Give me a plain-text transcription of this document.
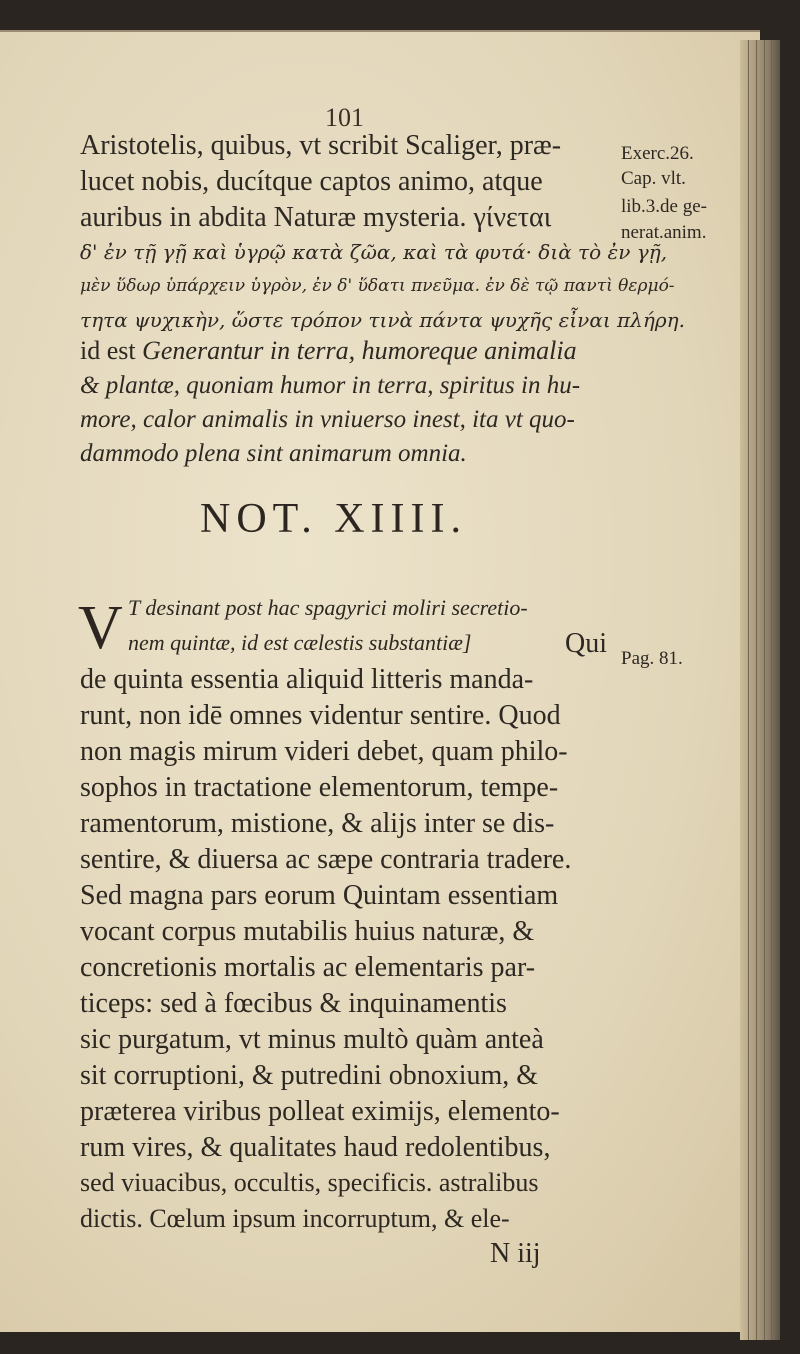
101
Aristotelis, quibus, vt scribit Scaliger, præ-
lucet nobis, ducítque captos animo, atque
auribus in abdita Naturæ mysteria. γίνεται
δ' ἐν τῇ γῇ καὶ ὑγρῷ κατὰ ζῶα, καὶ τὰ φυτά· διὰ τὸ ἐν γῇ,
μὲν ὕδωρ ὑπάρχειν ὑγρὸν, ἐν δ' ὕδατι πνεῦμα. ἐν δὲ τῷ παντὶ θερμό-
τητα ψυχικὴν, ὥστε τρόπον τινὰ πάντα ψυχῆς εἶναι πλήρη.
id est Generantur in terra, humoreque animalia
& plantæ, quoniam humor in terra, spiritus in hu-
more, calor animalis in vniuerso inest, ita vt quo-
dammodo plena sint animarum omnia.
NOT. XIIII.
V T desinant post hac spagyrici moliri secretio-
nem quintæ, id est cælestis substantiæ]	Qui
de quinta essentia aliquid litteris manda-
runt, non idē omnes videntur sentire. Quod
non magis mirum videri debet, quam philo-
sophos in tractatione elementorum, tempe-
ramentorum, mistione, & alijs inter se dis-
sentire, & diuersa ac sæpe contraria tradere.
Sed magna pars eorum Quintam essentiam
vocant corpus mutabilis huius naturæ, &
concretionis mortalis ac elementaris par-
ticeps: sed à fœcibus & inquinamentis
sic purgatum, vt minus multò quàm anteà
sit corruptioni, & putredini obnoxium, &
præterea viribus polleat eximijs, elemento-
rum vires, & qualitates haud redolentibus,
sed viuacibus, occultis, specificis. astralibus
dictis. Cœlum ipsum incorruptum, & ele-
N iij
Exerc.26.
Cap. vlt.
lib.3.de ge-
nerat.anim.
Pag. 81.
